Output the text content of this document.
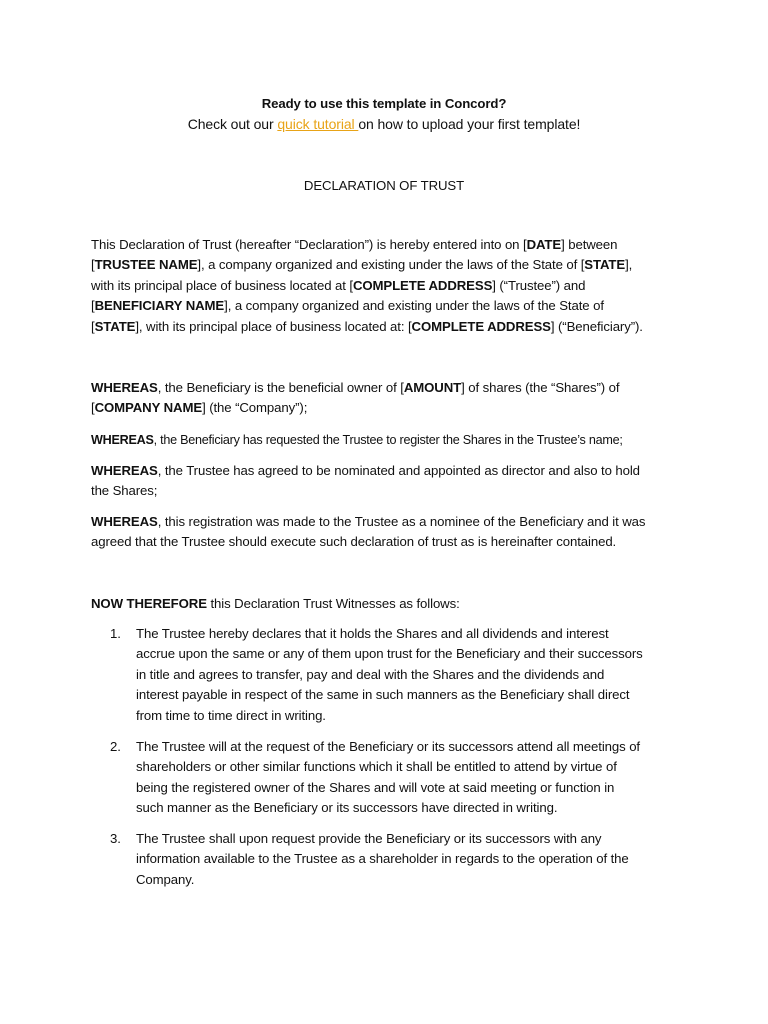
Ready to use this template in Concord?
Check out our quick tutorial on how to upload your first template!
DECLARATION OF TRUST
This Declaration of Trust (hereafter “Declaration”) is hereby entered into on [DATE] between
[TRUSTEE NAME], a company organized and existing under the laws of the State of [STATE],
with its principal place of business located at [COMPLETE ADDRESS] (“Trustee”) and
[BENEFICIARY NAME], a company organized and existing under the laws of the State of
[STATE], with its principal place of business located at: [COMPLETE ADDRESS] (“Beneficiary”).
WHEREAS, the Beneficiary is the beneficial owner of [AMOUNT] of shares (the “Shares”) of
[COMPANY NAME] (the “Company”);
WHEREAS, the Beneficiary has requested the Trustee to register the Shares in the Trustee’s name;
WHEREAS, the Trustee has agreed to be nominated and appointed as director and also to hold
the Shares;
WHEREAS, this registration was made to the Trustee as a nominee of the Beneficiary and it was
agreed that the Trustee should execute such declaration of trust as is hereinafter contained.
NOW THEREFORE this Declaration Trust Witnesses as follows:
1.	The Trustee hereby declares that it holds the Shares and all dividends and interest
accrue upon the same or any of them upon trust for the Beneficiary and their successors
in title and agrees to transfer, pay and deal with the Shares and the dividends and
interest payable in respect of the same in such manners as the Beneficiary shall direct
from time to time direct in writing.
2.	The Trustee will at the request of the Beneficiary or its successors attend all meetings of
shareholders or other similar functions which it shall be entitled to attend by virtue of
being the registered owner of the Shares and will vote at said meeting or function in
such manner as the Beneficiary or its successors have directed in writing.
3.	The Trustee shall upon request provide the Beneficiary or its successors with any
information available to the Trustee as a shareholder in regards to the operation of the
Company.
